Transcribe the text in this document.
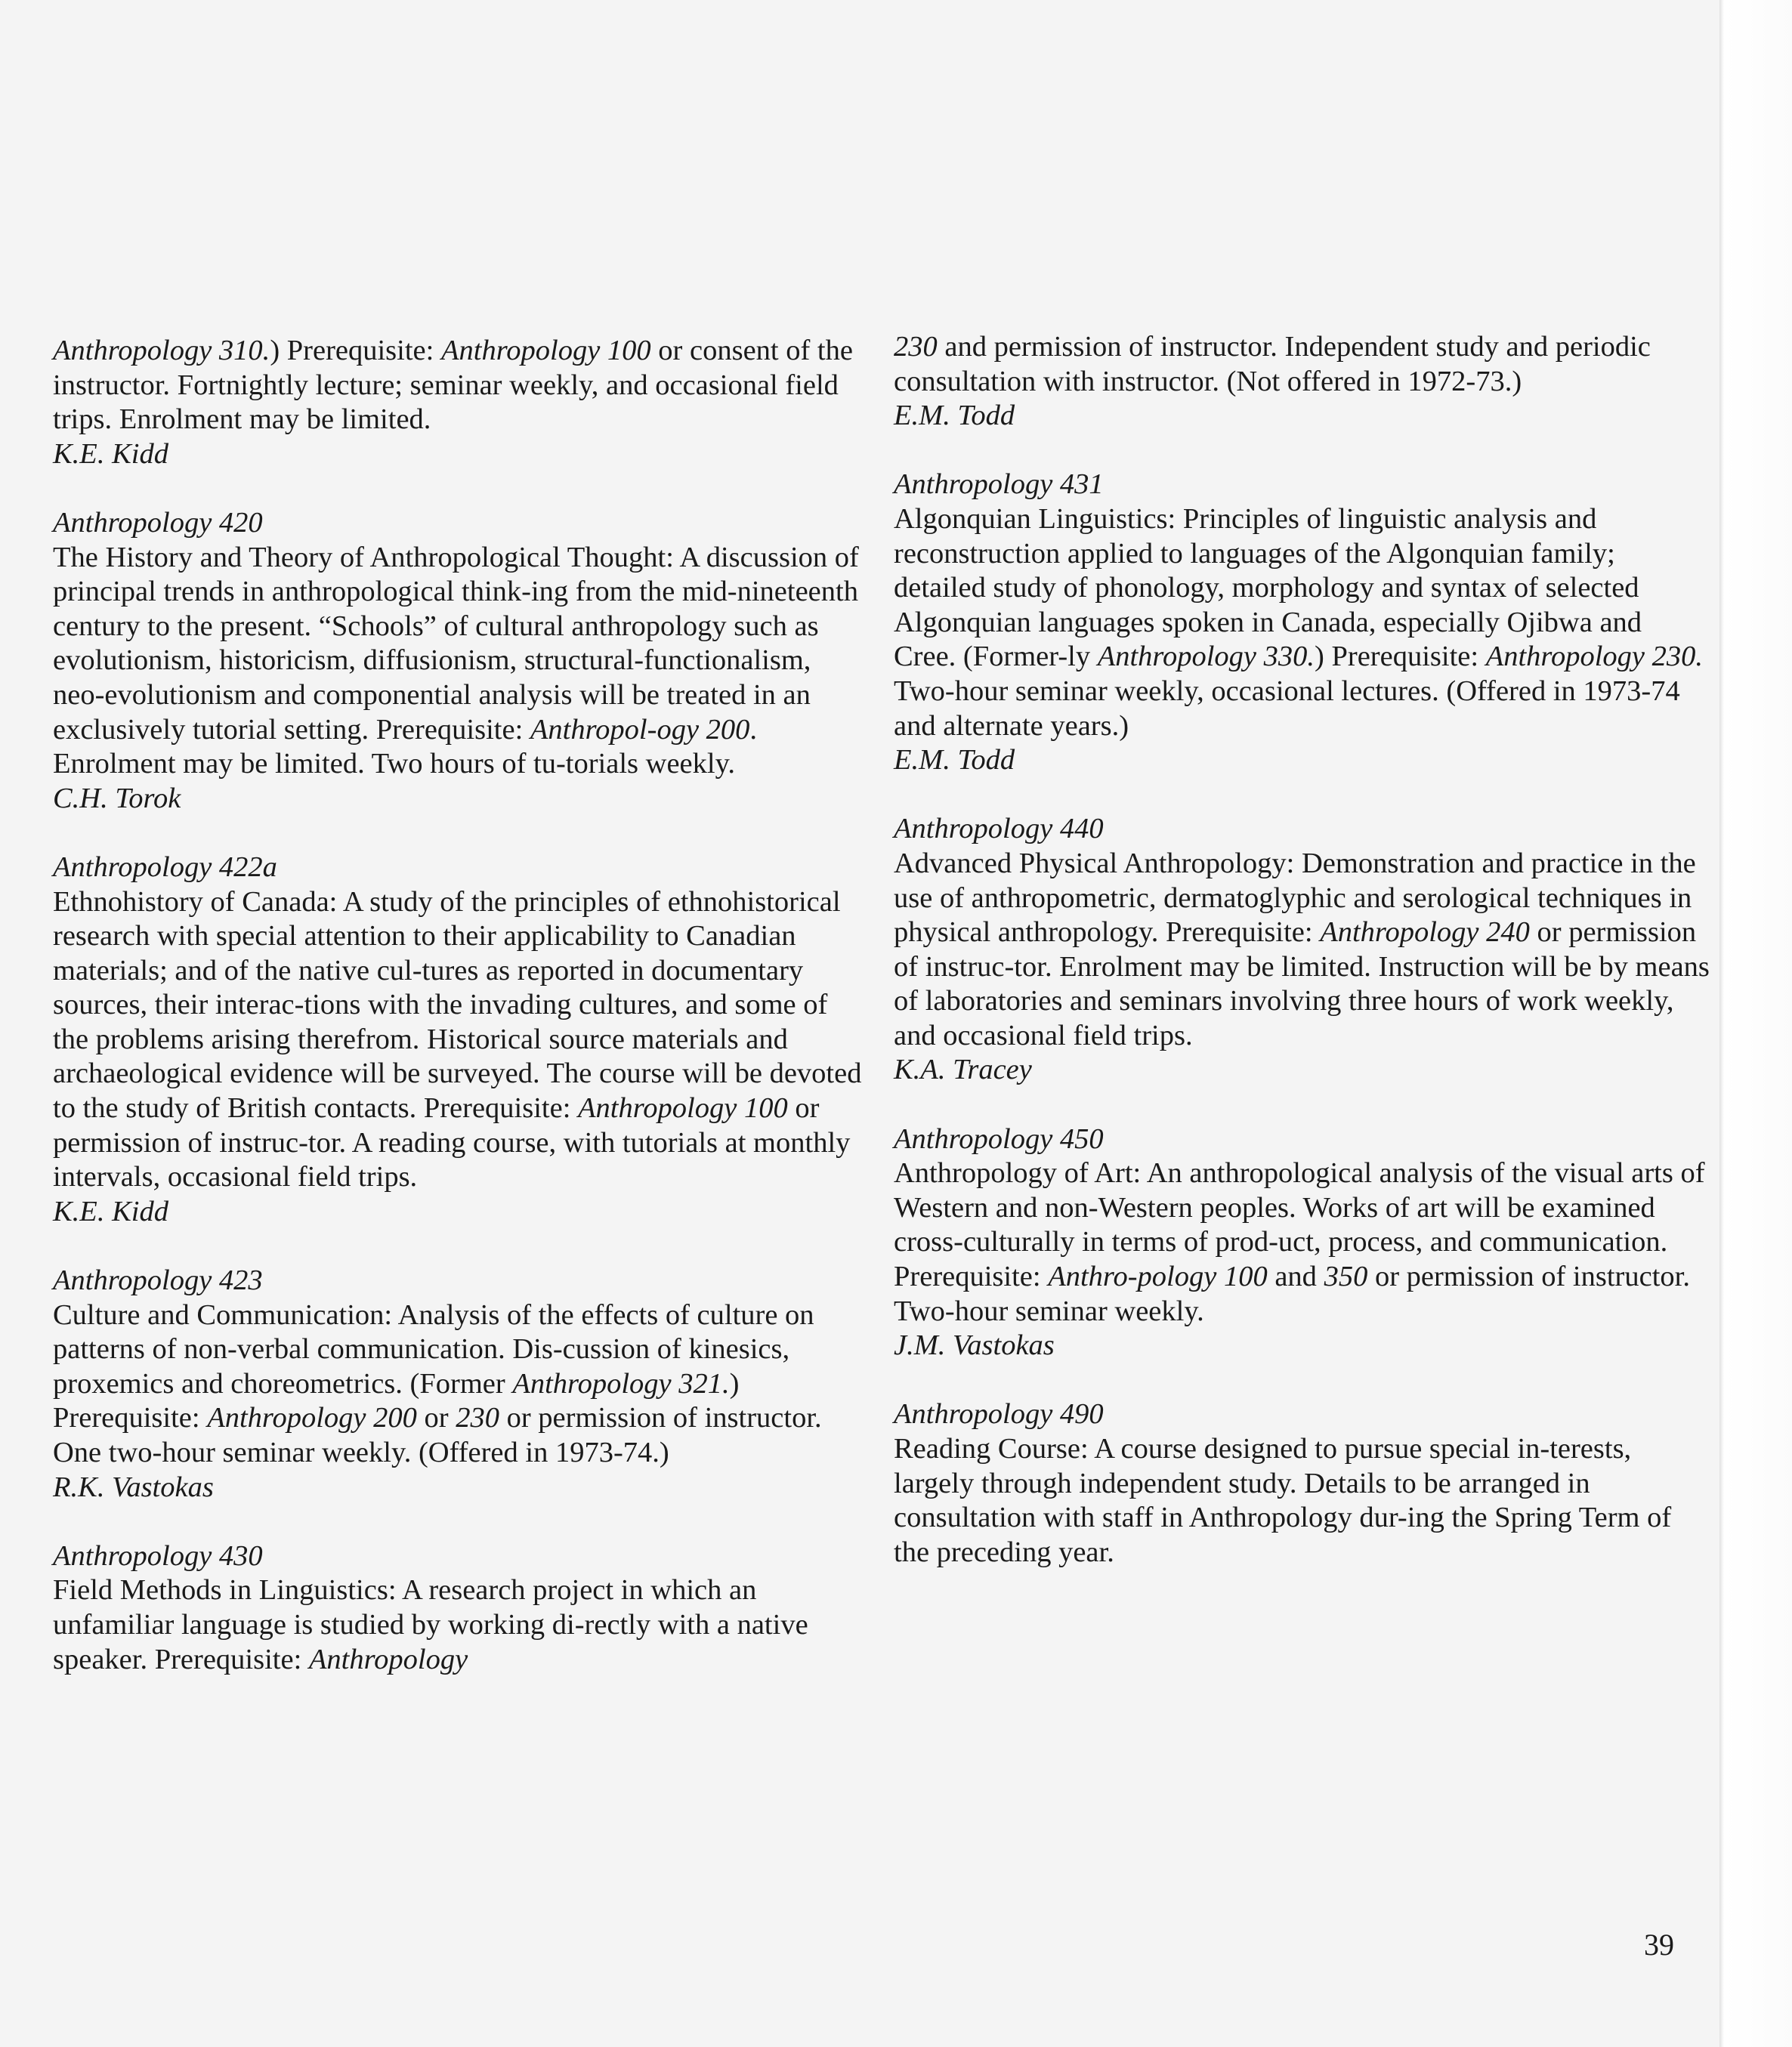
Anthropology 310.) Prerequisite: Anthropology 100 or consent of the instructor. Fortnightly lecture; seminar weekly, and occasional field trips. Enrolment may be limited.

K.E. Kidd
Anthropology 420

The History and Theory of Anthropological Thought: A discussion of principal trends in anthropological think-ing from the mid-nineteenth century to the present. “Schools” of cultural anthropology such as evolutionism, historicism, diffusionism, structural-functionalism, neo-evolutionism and componential analysis will be treated in an exclusively tutorial setting. Prerequisite: Anthropol-ogy 200. Enrolment may be limited. Two hours of tu-torials weekly.

C.H. Torok
Anthropology 422a

Ethnohistory of Canada: A study of the principles of ethnohistorical research with special attention to their applicability to Canadian materials; and of the native cul-tures as reported in documentary sources, their interac-tions with the invading cultures, and some of the problems arising therefrom. Historical source materials and archaeological evidence will be surveyed. The course will be devoted to the study of British contacts. Prerequisite: Anthropology 100 or permission of instruc-tor. A reading course, with tutorials at monthly intervals, occasional field trips.

K.E. Kidd
Anthropology 423

Culture and Communication: Analysis of the effects of culture on patterns of non-verbal communication. Dis-cussion of kinesics, proxemics and choreometrics. (Former Anthropology 321.) Prerequisite: Anthropology 200 or 230 or permission of instructor. One two-hour seminar weekly. (Offered in 1973-74.)

R.K. Vastokas
Anthropology 430

Field Methods in Linguistics: A research project in which an unfamiliar language is studied by working di-rectly with a native speaker. Prerequisite: Anthropology

230 and permission of instructor. Independent study and periodic consultation with instructor. (Not offered in 1972-73.)

E.M. Todd
Anthropology 431

Algonquian Linguistics: Principles of linguistic analysis and reconstruction applied to languages of the Algonquian family; detailed study of phonology, morphology and syntax of selected Algonquian languages spoken in Canada, especially Ojibwa and Cree. (Former-ly Anthropology 330.) Prerequisite: Anthropology 230. Two-hour seminar weekly, occasional lectures. (Offered in 1973-74 and alternate years.)

E.M. Todd
Anthropology 440

Advanced Physical Anthropology: Demonstration and practice in the use of anthropometric, dermatoglyphic and serological techniques in physical anthropology. Prerequisite: Anthropology 240 or permission of instruc-tor. Enrolment may be limited. Instruction will be by means of laboratories and seminars involving three hours of work weekly, and occasional field trips.

K.A. Tracey
Anthropology 450

Anthropology of Art: An anthropological analysis of the visual arts of Western and non-Western peoples. Works of art will be examined cross-culturally in terms of prod-uct, process, and communication. Prerequisite: Anthro-pology 100 and 350 or permission of instructor. Two-hour seminar weekly.

J.M. Vastokas
Anthropology 490

Reading Course: A course designed to pursue special in-terests, largely through independent study. Details to be arranged in consultation with staff in Anthropology dur-ing the Spring Term of the preceding year.

39
